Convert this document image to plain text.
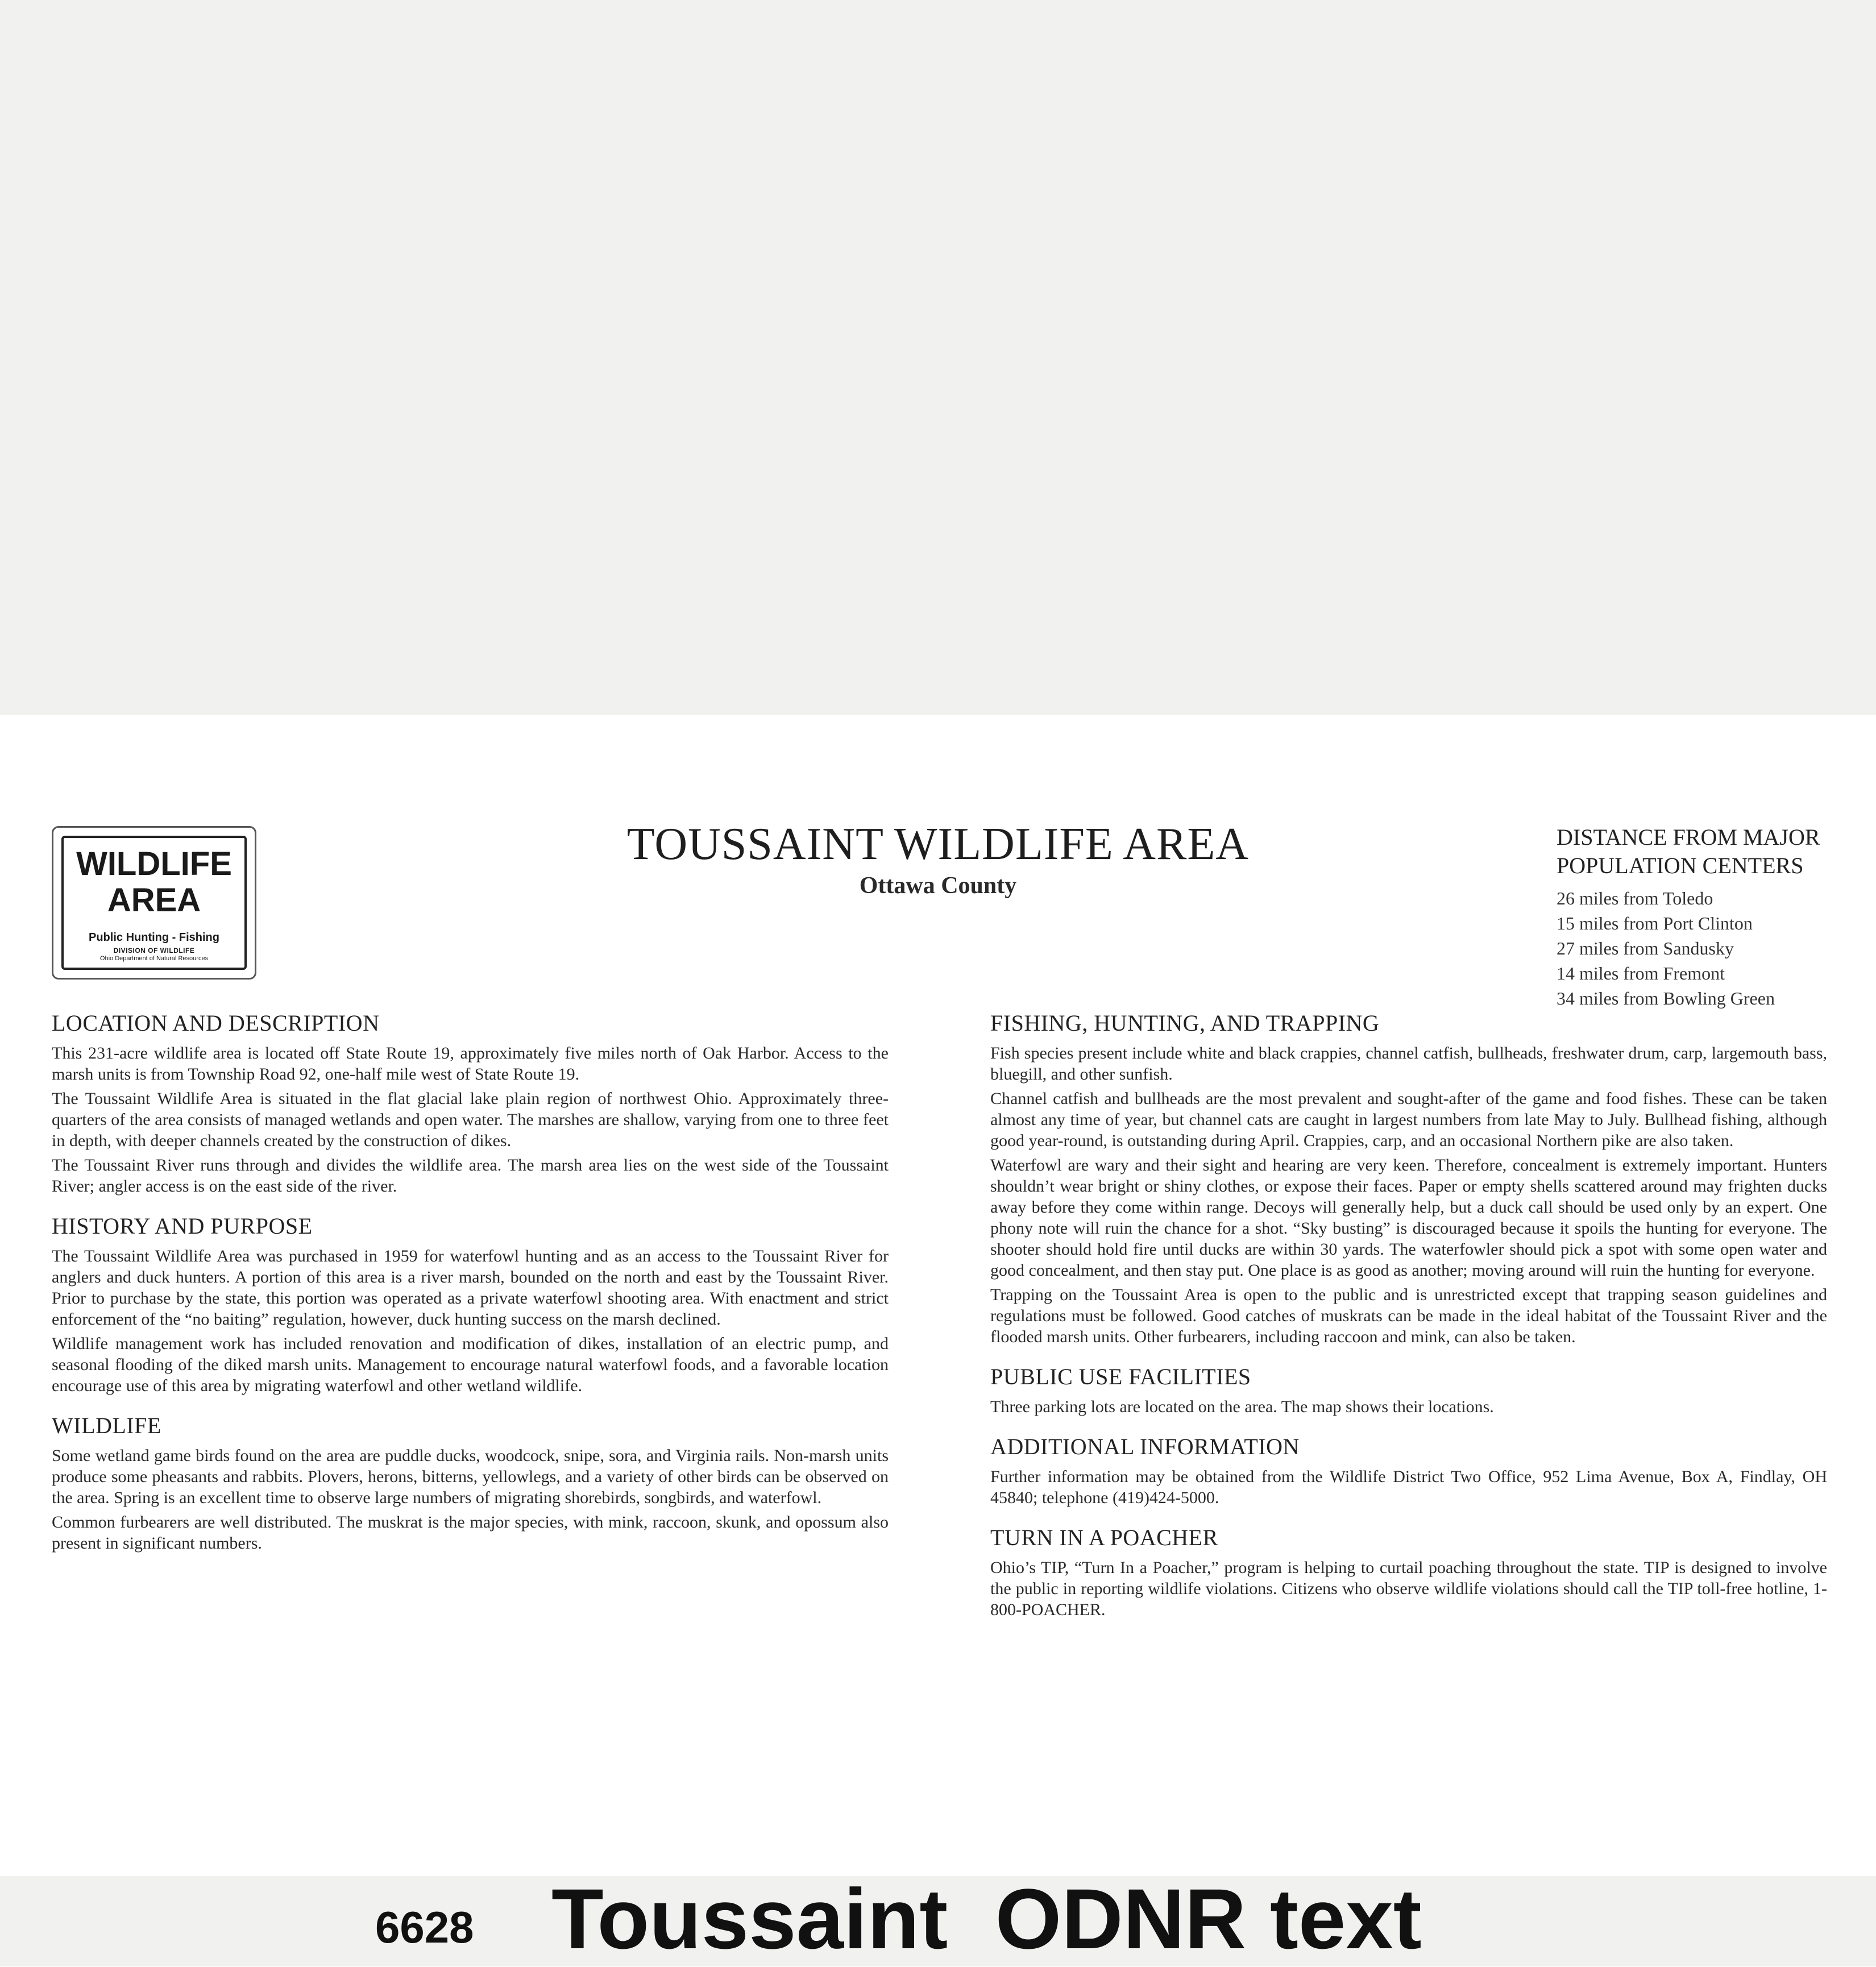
WILDLIFE
AREA
Public Hunting - Fishing
DIVISION OF WILDLIFE
Ohio Department of Natural Resources
TOUSSAINT WILDLIFE AREA
Ottawa County
DISTANCE FROM MAJOR
POPULATION CENTERS
26 miles from Toledo
15 miles from Port Clinton
27 miles from Sandusky
14 miles from Fremont
34 miles from Bowling Green
LOCATION AND DESCRIPTION

This 231-acre wildlife area is located off State Route 19, approximately five miles north of Oak Harbor. Access to the marsh units is from Township Road 92, one-half mile west of State Route 19.

The Toussaint Wildlife Area is situated in the flat glacial lake plain region of northwest Ohio. Approximately three-quarters of the area consists of managed wetlands and open water. The marshes are shallow, varying from one to three feet in depth, with deeper channels created by the construction of dikes.

The Toussaint River runs through and divides the wildlife area. The marsh area lies on the west side of the Toussaint River; angler access is on the east side of the river.

HISTORY AND PURPOSE

The Toussaint Wildlife Area was purchased in 1959 for waterfowl hunting and as an access to the Toussaint River for anglers and duck hunters. A portion of this area is a river marsh, bounded on the north and east by the Toussaint River. Prior to purchase by the state, this portion was operated as a private waterfowl shooting area. With enactment and strict enforcement of the “no baiting” regulation, however, duck hunting success on the marsh declined.

Wildlife management work has included renovation and modification of dikes, installation of an electric pump, and seasonal flooding of the diked marsh units. Management to encourage natural waterfowl foods, and a favorable location encourage use of this area by migrating waterfowl and other wetland wildlife.

WILDLIFE

Some wetland game birds found on the area are puddle ducks, woodcock, snipe, sora, and Virginia rails. Non-marsh units produce some pheasants and rabbits. Plovers, herons, bitterns, yellowlegs, and a variety of other birds can be observed on the area. Spring is an excellent time to observe large numbers of migrating shorebirds, songbirds, and waterfowl.

Common furbearers are well distributed. The muskrat is the major species, with mink, raccoon, skunk, and opossum also present in significant numbers.

FISHING, HUNTING, AND TRAPPING

Fish species present include white and black crappies, channel catfish, bullheads, freshwater drum, carp, largemouth bass, bluegill, and other sunfish.

Channel catfish and bullheads are the most prevalent and sought-after of the game and food fishes. These can be taken almost any time of year, but channel cats are caught in largest numbers from late May to July. Bullhead fishing, although good year-round, is outstanding during April. Crappies, carp, and an occasional Northern pike are also taken.

Waterfowl are wary and their sight and hearing are very keen. Therefore, concealment is extremely important. Hunters shouldn’t wear bright or shiny clothes, or expose their faces. Paper or empty shells scattered around may frighten ducks away before they come within range. Decoys will generally help, but a duck call should be used only by an expert. One phony note will ruin the chance for a shot. “Sky busting” is discouraged because it spoils the hunting for everyone. The shooter should hold fire until ducks are within 30 yards. The waterfowler should pick a spot with some open water and good concealment, and then stay put. One place is as good as another; moving around will ruin the hunting for everyone.

Trapping on the Toussaint Area is open to the public and is unrestricted except that trapping season guidelines and regulations must be followed. Good catches of muskrats can be made in the ideal habitat of the Toussaint River and the flooded marsh units. Other furbearers, including raccoon and mink, can also be taken.

PUBLIC USE FACILITIES

Three parking lots are located on the area. The map shows their locations.

ADDITIONAL INFORMATION

Further information may be obtained from the Wildlife District Two Office, 952 Lima Avenue, Box A, Findlay, OH 45840; telephone (419)424-5000.

TURN IN A POACHER

Ohio’s TIP, “Turn In a Poacher,” program is helping to curtail poaching throughout the state. TIP is designed to involve the public in reporting wildlife violations. Citizens who observe wildlife violations should call the TIP toll-free hotline, 1-800-POACHER.

6628 Toussaint  ODNR text
